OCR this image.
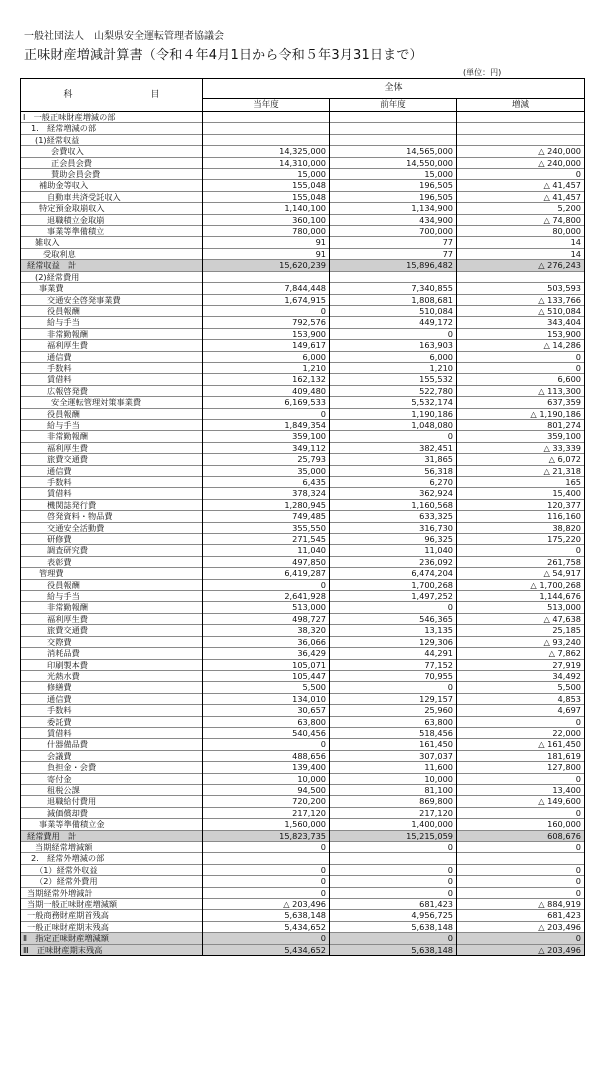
一般社団法人　山梨県安全運転管理者協議会
正味財産増減計算書（令和４年4月1日から令和５年3月31日まで）
(単位：円)
科 目	全体		
	当年度	前年度	増減
Ⅰ　一般正味財産増減の部			
1.　経常増減の部			
(1)経常収益			
会費収入	14,325,000	14,565,000	△ 240,000
正会員会費	14,310,000	14,550,000	△ 240,000
賛助会員会費	15,000	15,000	0
補助金等収入	155,048	196,505	△ 41,457
自動車共済受託収入	155,048	196,505	△ 41,457
特定預金取崩収入	1,140,100	1,134,900	5,200
退職積立金取崩	360,100	434,900	△ 74,800
事業等準備積立	780,000	700,000	80,000
雑収入	91	77	14
受取利息	91	77	14
経常収益　計	15,620,239	15,896,482	△ 276,243
(2)経常費用			
事業費	7,844,448	7,340,855	503,593
交通安全啓発事業費	1,674,915	1,808,681	△ 133,766
役員報酬	0	510,084	△ 510,084
給与手当	792,576	449,172	343,404
非常勤報酬	153,900	0	153,900
福利厚生費	149,617	163,903	△ 14,286
通信費	6,000	6,000	0
手数料	1,210	1,210	0
賃借料	162,132	155,532	6,600
広報啓発費	409,480	522,780	△ 113,300
安全運転管理対策事業費	6,169,533	5,532,174	637,359
役員報酬	0	1,190,186	△ 1,190,186
給与手当	1,849,354	1,048,080	801,274
非常勤報酬	359,100	0	359,100
福利厚生費	349,112	382,451	△ 33,339
旅費交通費	25,793	31,865	△ 6,072
通信費	35,000	56,318	△ 21,318
手数料	6,435	6,270	165
賃借料	378,324	362,924	15,400
機関誌発行費	1,280,945	1,160,568	120,377
啓発資料・物品費	749,485	633,325	116,160
交通安全活動費	355,550	316,730	38,820
研修費	271,545	96,325	175,220
調査研究費	11,040	11,040	0
表彰費	497,850	236,092	261,758
管理費	6,419,287	6,474,204	△ 54,917
役員報酬	0	1,700,268	△ 1,700,268
給与手当	2,641,928	1,497,252	1,144,676
非常勤報酬	513,000	0	513,000
福利厚生費	498,727	546,365	△ 47,638
旅費交通費	38,320	13,135	25,185
交際費	36,066	129,306	△ 93,240
消耗品費	36,429	44,291	△ 7,862
印刷製本費	105,071	77,152	27,919
光熱水費	105,447	70,955	34,492
修繕費	5,500	0	5,500
通信費	134,010	129,157	4,853
手数料	30,657	25,960	4,697
委託費	63,800	63,800	0
賃借料	540,456	518,456	22,000
什器備品費	0	161,450	△ 161,450
会議費	488,656	307,037	181,619
負担金・会費	139,400	11,600	127,800
寄付金	10,000	10,000	0
租税公課	94,500	81,100	13,400
退職給付費用	720,200	869,800	△ 149,600
減価償却費	217,120	217,120	0
事業等準備積立金	1,560,000	1,400,000	160,000
経常費用　計	15,823,735	15,215,059	608,676
当期経常増減額	0	0	0
2.　経常外増減の部			
（1）経常外収益	0	0	0
（2）経常外費用	0	0	0
当期経常外増減計	0	0	0
当期一般正味財産増減額	△ 203,496	681,423	△ 884,919
一般商務財産期首残高	5,638,148	4,956,725	681,423
一般正味財産期末残高	5,434,652	5,638,148	△ 203,496
Ⅱ　指定正味財産増減額	0	0	0
Ⅲ　正味財産期末残高	5,434,652	5,638,148	△ 203,496
